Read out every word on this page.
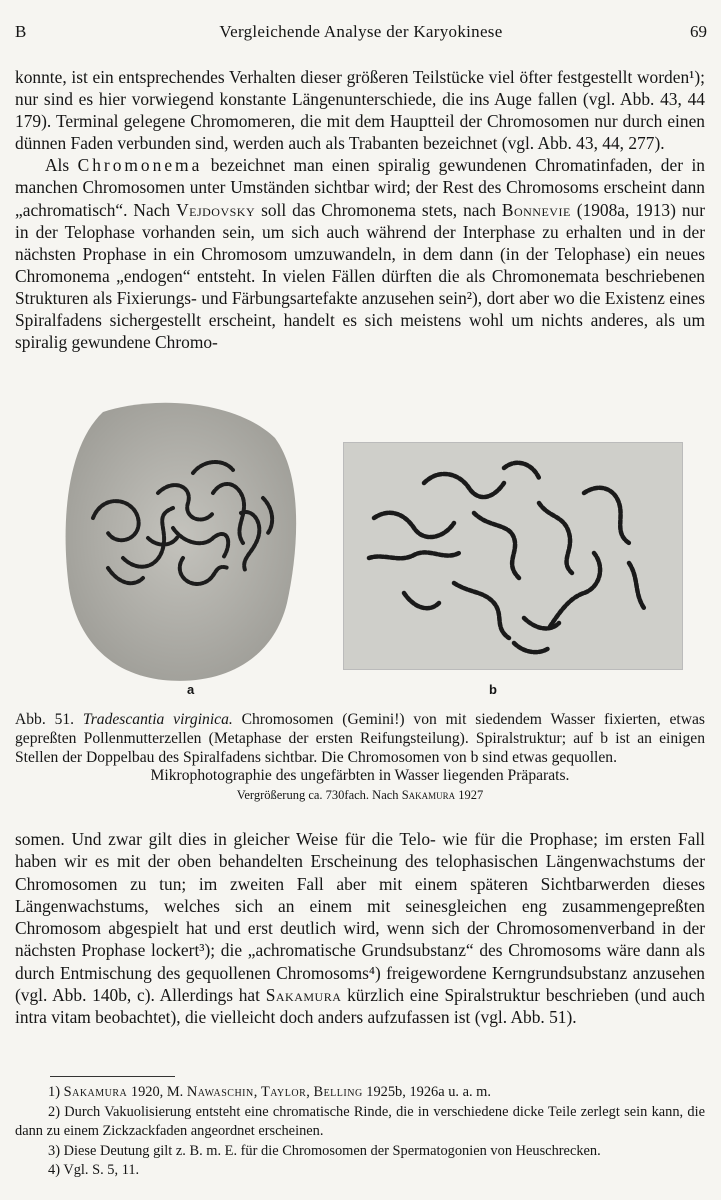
B	Vergleichende Analyse der Karyokinese	69

konnte, ist ein entsprechendes Verhalten dieser größeren Teilstücke viel öfter festgestellt worden¹); nur sind es hier vorwiegend konstante Längenunterschiede, die ins Auge fallen (vgl. Abb. 43, 44 179). Terminal gelegene Chromomeren, die mit dem Hauptteil der Chromosomen nur durch einen dünnen Faden verbunden sind, werden auch als Trabanten bezeichnet (vgl. Abb. 43, 44, 277).

Als Chromonema bezeichnet man einen spiralig gewundenen Chromatinfaden, der in manchen Chromosomen unter Umständen sichtbar wird; der Rest des Chromosoms erscheint dann „achromatisch“. Nach Vejdovsky soll das Chromonema stets, nach Bonnevie (1908a, 1913) nur in der Telophase vorhanden sein, um sich auch während der Interphase zu erhalten und in der nächsten Prophase in ein Chromosom umzuwandeln, in dem dann (in der Telophase) ein neues Chromonema „endogen“ entsteht. In vielen Fällen dürften die als Chromonemata beschriebenen Strukturen als Fixierungs- und Färbungsartefakte anzusehen sein²), dort aber wo die Existenz eines Spiralfadens sichergestellt erscheint, handelt es sich meistens wohl um nichts anderes, als um spiralig gewundene Chromo-

a	b

Abb. 51. Tradescantia virginica. Chromosomen (Gemini!) von mit siedendem Wasser fixierten, etwas gepreßten Pollenmutterzellen (Metaphase der ersten Reifungsteilung). Spiralstruktur; auf b ist an einigen Stellen der Doppelbau des Spiralfadens sichtbar. Die Chromosomen von b sind etwas gequollen.

Mikrophotographie des ungefärbten in Wasser liegenden Präparats.

Vergrößerung ca. 730fach. Nach Sakamura 1927

somen. Und zwar gilt dies in gleicher Weise für die Telo- wie für die Prophase; im ersten Fall haben wir es mit der oben behandelten Erscheinung des telophasischen Längenwachstums der Chromosomen zu tun; im zweiten Fall aber mit einem späteren Sichtbarwerden dieses Längenwachstums, welches sich an einem mit seinesgleichen eng zusammengepreßten Chromosom abgespielt hat und erst deutlich wird, wenn sich der Chromosomenverband in der nächsten Prophase lockert³); die „achromatische Grundsubstanz“ des Chromosoms wäre dann als durch Entmischung des gequollenen Chromosoms⁴) freigewordene Kerngrundsubstanz anzusehen (vgl. Abb. 140b, c). Allerdings hat Sakamura kürzlich eine Spiralstruktur beschrieben (und auch intra vitam beobachtet), die vielleicht doch anders aufzufassen ist (vgl. Abb. 51).

1) Sakamura 1920, M. Nawaschin, Taylor, Belling 1925b, 1926a u. a. m.

2) Durch Vakuolisierung entsteht eine chromatische Rinde, die in verschiedene dicke Teile zerlegt sein kann, die dann zu einem Zickzackfaden angeordnet erscheinen.

3) Diese Deutung gilt z. B. m. E. für die Chromosomen der Spermatogonien von Heuschrecken.

4) Vgl. S. 5, 11.
